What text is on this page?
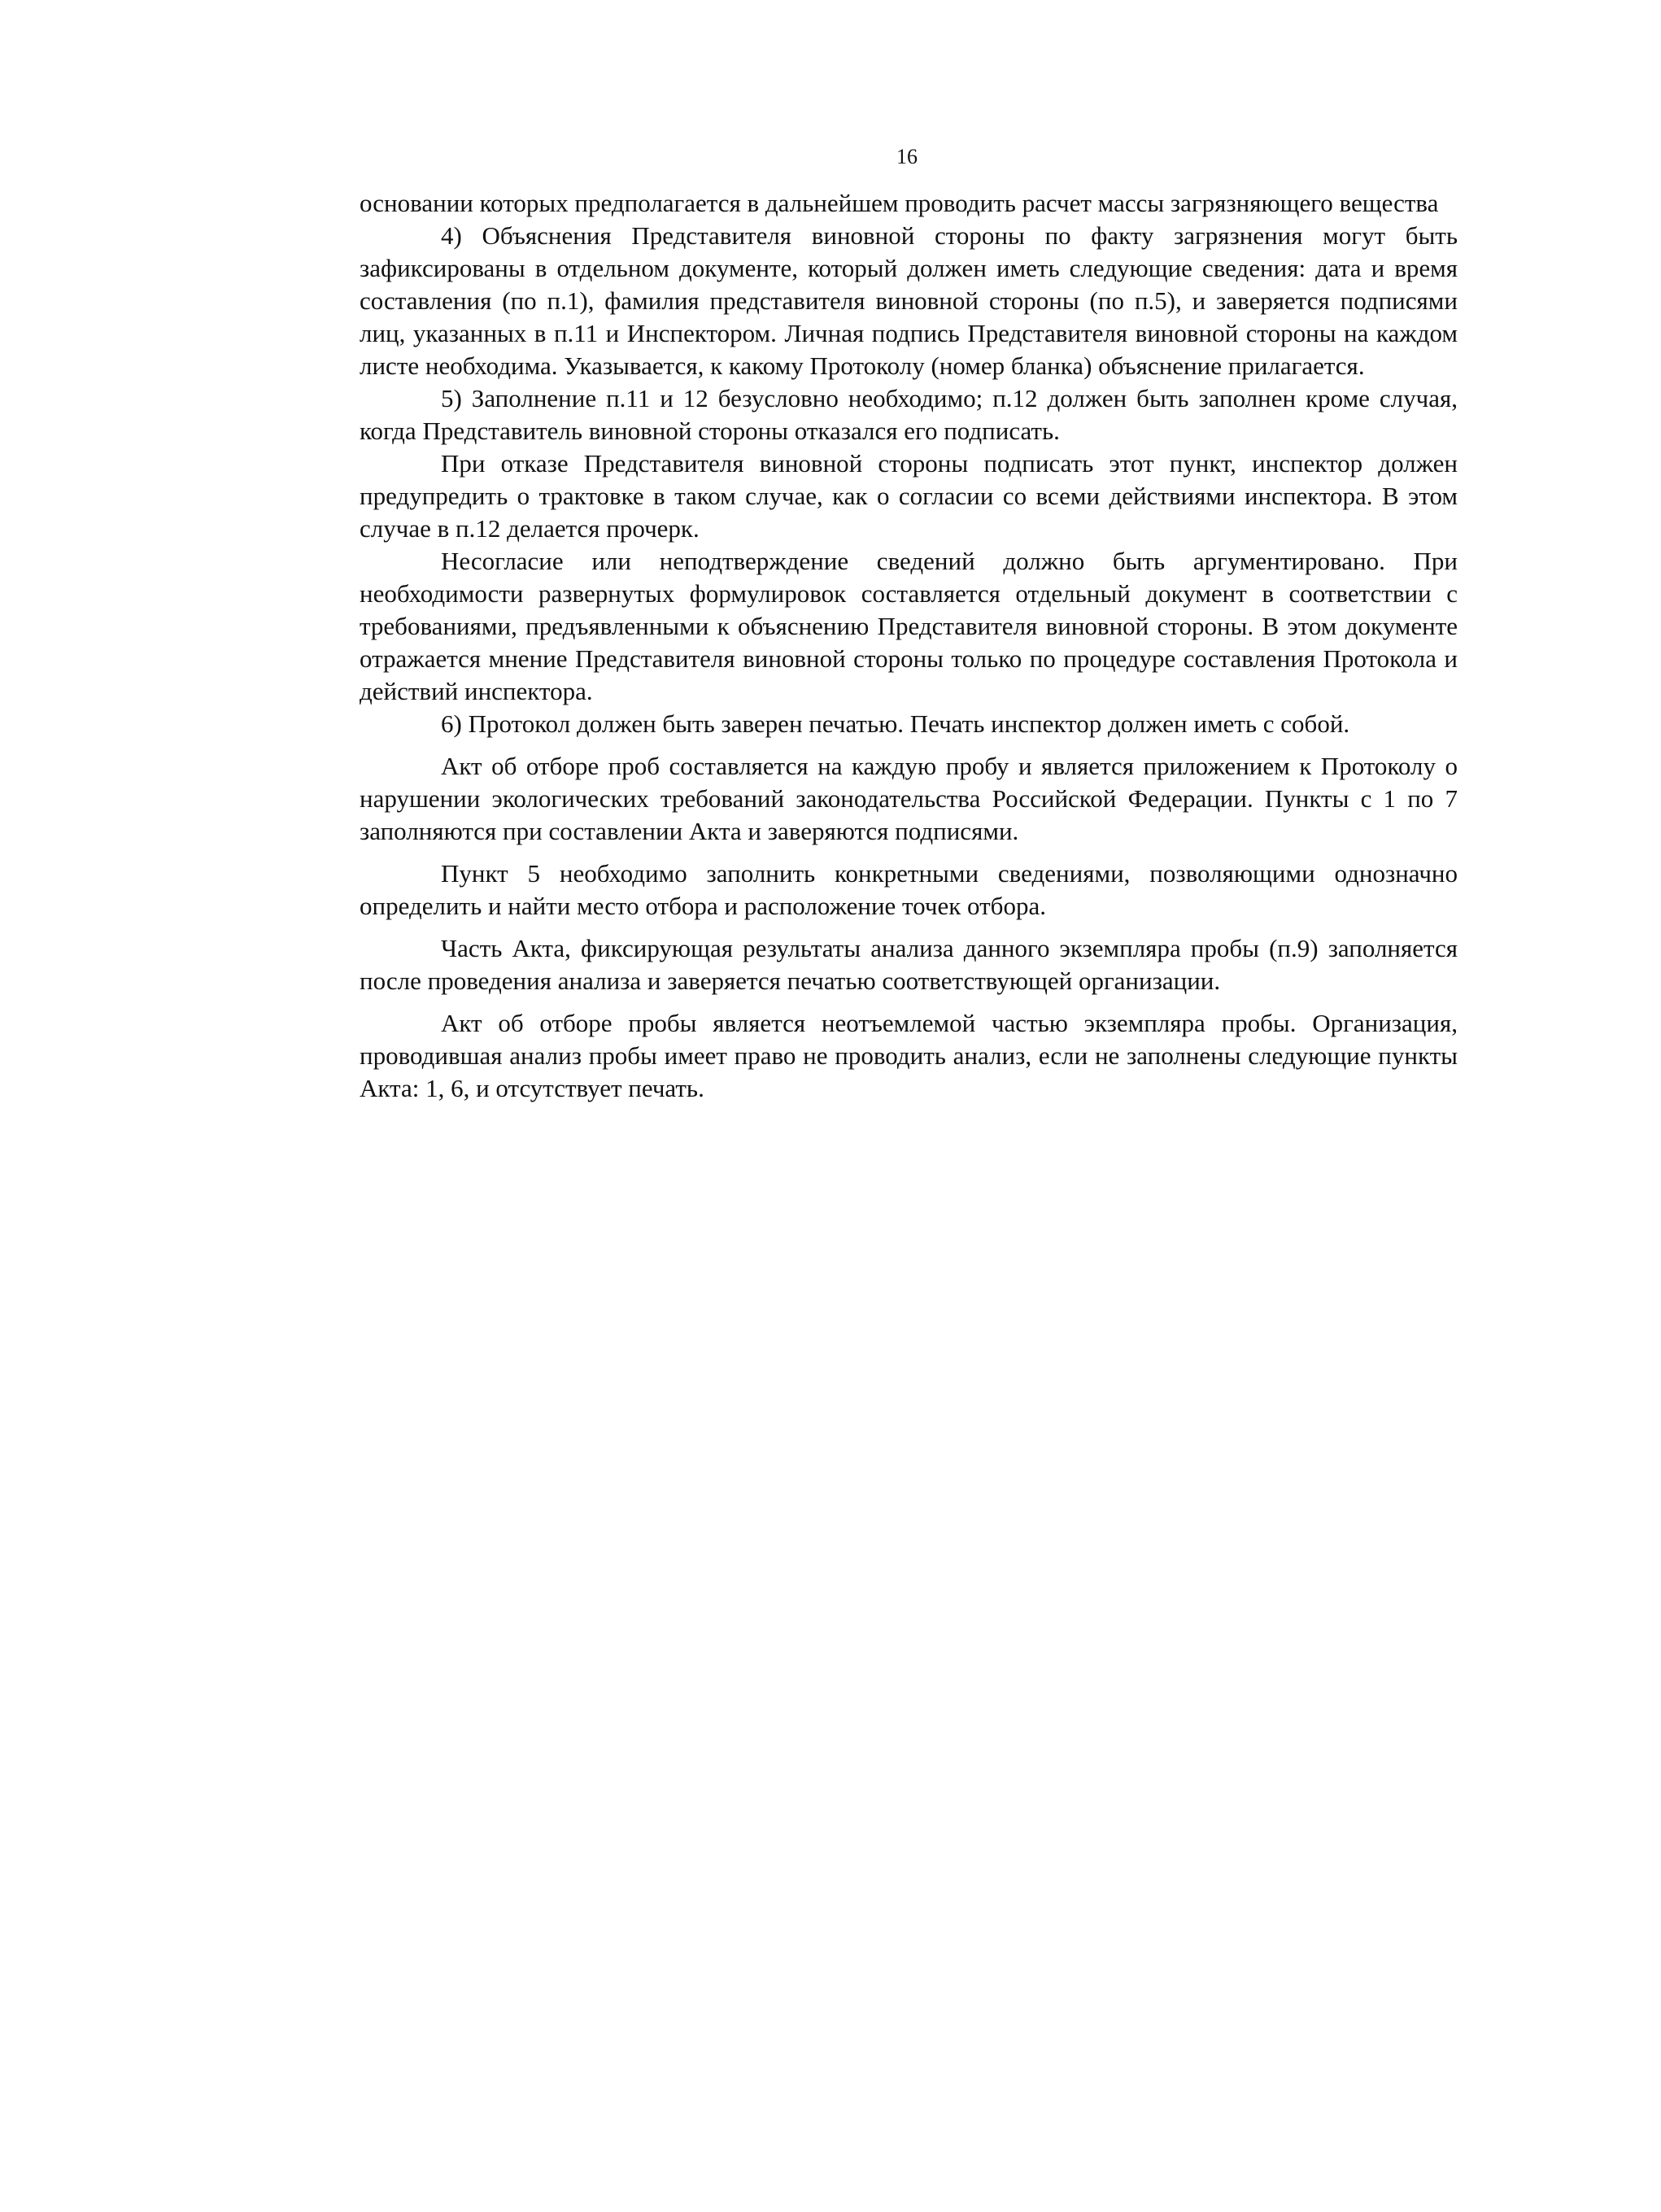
16

основании которых предполагается в дальнейшем проводить расчет массы загрязняющего вещества

4) Объяснения Представителя виновной стороны по факту загрязнения могут быть зафиксированы в отдельном документе, который должен иметь следующие сведения: дата и время составления (по п.1), фамилия представителя виновной стороны (по п.5), и заверяется подписями лиц, указанных в п.11 и Инспектором. Личная подпись Представителя виновной стороны на каждом листе необходима. Указывается, к какому Протоколу (номер бланка) объяснение прилагается.

5) Заполнение п.11 и 12 безусловно необходимо; п.12 должен быть заполнен кроме случая, когда Представитель виновной стороны отказался его подписать.

При отказе Представителя виновной стороны подписать этот пункт, инспектор должен предупредить о трактовке в таком случае, как о согласии со всеми действиями инспектора. В этом случае в п.12 делается прочерк.

Несогласие или неподтверждение сведений должно быть аргументировано. При необходимости развернутых формулировок составляется отдельный документ в соответствии с требованиями, предъявленными к объяснению Представителя виновной стороны. В этом документе отражается мнение Представителя виновной стороны только по процедуре составления Протокола и действий инспектора.

6) Протокол должен быть заверен печатью. Печать инспектор должен иметь с собой.

Акт об отборе проб составляется на каждую пробу и является приложением к Протоколу о нарушении экологических требований законодательства Российской Федерации. Пункты с 1 по 7 заполняются при составлении Акта и заверяются подписями.

Пункт 5 необходимо заполнить конкретными сведениями, позволяющими однозначно определить и найти место отбора и расположение точек отбора.

Часть Акта, фиксирующая результаты анализа данного экземпляра пробы (п.9) заполняется после проведения анализа и заверяется печатью соответствующей организации.

Акт об отборе пробы является неотъемлемой частью экземпляра пробы. Организация, проводившая анализ пробы имеет право не проводить анализ, если не заполнены следующие пункты Акта: 1, 6, и отсутствует печать.
